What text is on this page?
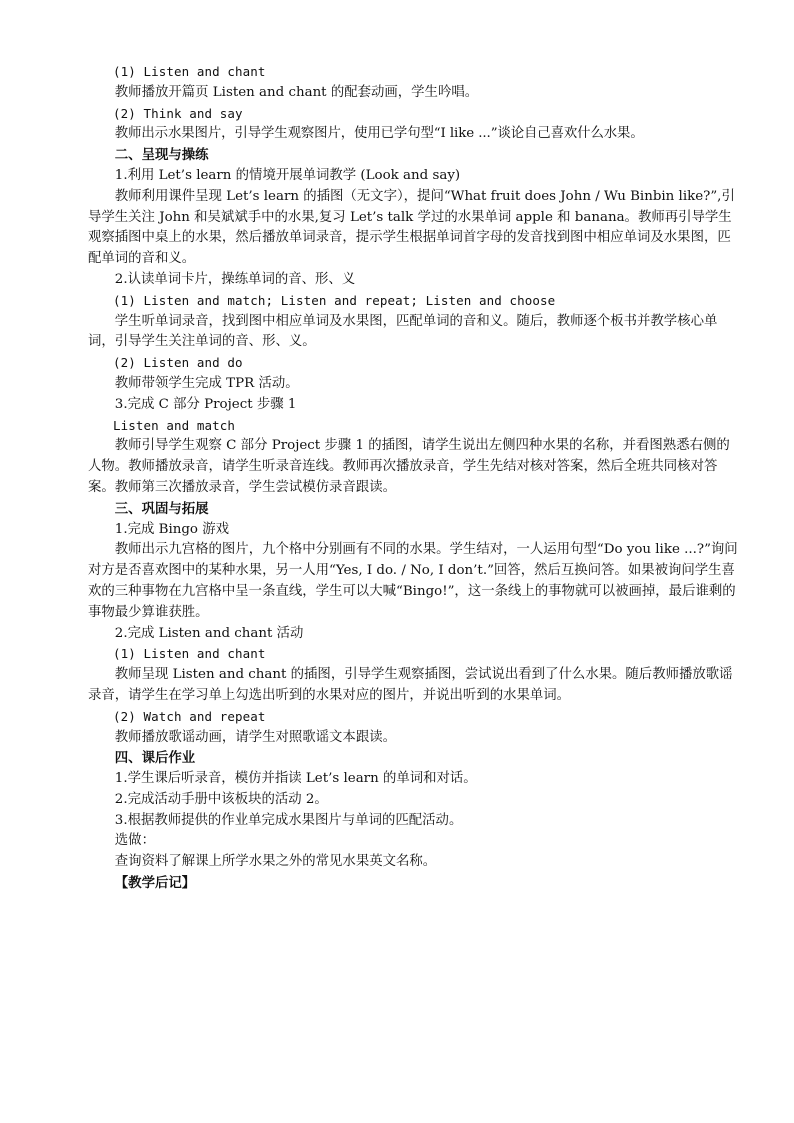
(1) Listen and chant
教师播放开篇页 Listen and chant 的配套动画，学生吟唱。
(2) Think and say
教师出示水果图片，引导学生观察图片，使用已学句型“I like ...”谈论自己喜欢什么水果。
二、呈现与操练
1.利用 Let’s learn 的情境开展单词教学 (Look and say)
教师利用课件呈现 Let’s learn 的插图（无文字），提问“What fruit does John / Wu Binbin like?”,引导学生关注 John 和吴斌斌手中的水果,复习 Let’s talk 学过的水果单词 apple 和 banana。教师再引导学生观察插图中桌上的水果，然后播放单词录音，提示学生根据单词首字母的发音找到图中相应单词及水果图，匹配单词的音和义。
2.认读单词卡片，操练单词的音、形、义
(1) Listen and match; Listen and repeat; Listen and choose
学生听单词录音，找到图中相应单词及水果图，匹配单词的音和义。随后，教师逐个板书并教学核心单词，引导学生关注单词的音、形、义。
(2) Listen and do
教师带领学生完成 TPR 活动。
3.完成 C 部分 Project 步骤 1
Listen and match
教师引导学生观察 C 部分 Project 步骤 1 的插图，请学生说出左侧四种水果的名称，并看图熟悉右侧的人物。教师播放录音，请学生听录音连线。教师再次播放录音，学生先结对核对答案，然后全班共同核对答案。教师第三次播放录音，学生尝试模仿录音跟读。
三、巩固与拓展
1.完成 Bingo 游戏
教师出示九宫格的图片，九个格中分别画有不同的水果。学生结对，一人运用句型“Do you like ...?”询问对方是否喜欢图中的某种水果，另一人用“Yes, I do. / No, I don’t.”回答，然后互换问答。如果被询问学生喜欢的三种事物在九宫格中呈一条直线，学生可以大喊“Bingo!”，这一条线上的事物就可以被画掉，最后谁剩的事物最少算谁获胜。
2.完成 Listen and chant 活动
(1) Listen and chant
教师呈现 Listen and chant 的插图，引导学生观察插图，尝试说出看到了什么水果。随后教师播放歌谣录音，请学生在学习单上勾选出听到的水果对应的图片，并说出听到的水果单词。
(2) Watch and repeat
教师播放歌谣动画，请学生对照歌谣文本跟读。
四、课后作业
1.学生课后听录音，模仿并指读 Let’s learn 的单词和对话。
2.完成活动手册中该板块的活动 2。
3.根据教师提供的作业单完成水果图片与单词的匹配活动。
选做：
查询资料了解课上所学水果之外的常见水果英文名称。
【教学后记】
